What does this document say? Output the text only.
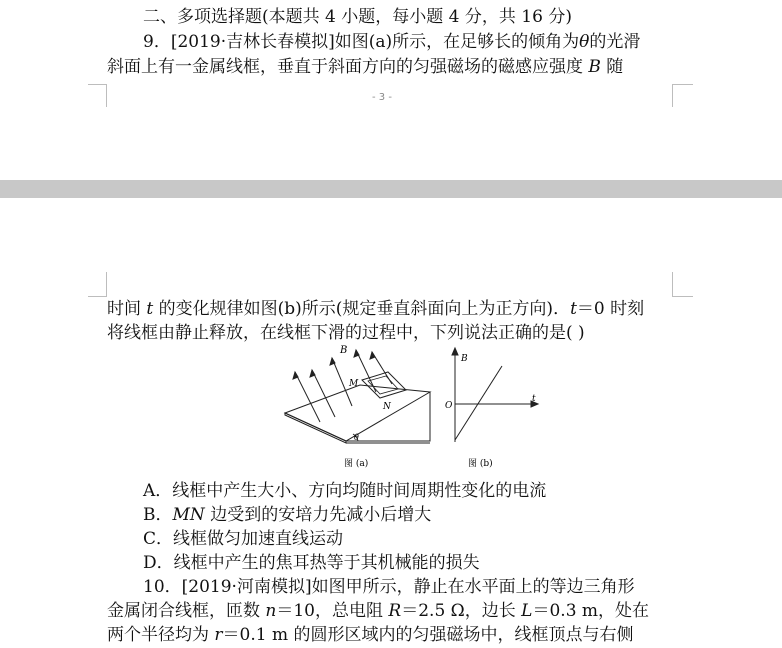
二、多项选择题(本题共 4 小题，每小题 4 分，共 16 分)
9．[2019·吉林长春模拟]如图(a)所示，在足够长的倾角为θ的光滑
斜面上有一金属线框，垂直于斜面方向的匀强磁场的磁感应强度 B 随
- 3 -
时间 t 的变化规律如图(b)所示(规定垂直斜面向上为正方向)．t＝0 时刻
将线框由静止释放，在线框下滑的过程中，下列说法正确的是( )
B
M
N
θ
图 (a)
B
O
t
图 (b)
A．线框中产生大小、方向均随时间周期性变化的电流
B．MN 边受到的安培力先减小后增大
C．线框做匀加速直线运动
D．线框中产生的焦耳热等于其机械能的损失
10．[2019·河南模拟]如图甲所示，静止在水平面上的等边三角形
金属闭合线框，匝数 n＝10，总电阻 R＝2.5 Ω，边长 L＝0.3 m，处在
两个半径均为 r＝0.1 m 的圆形区域内的匀强磁场中，线框顶点与右侧
